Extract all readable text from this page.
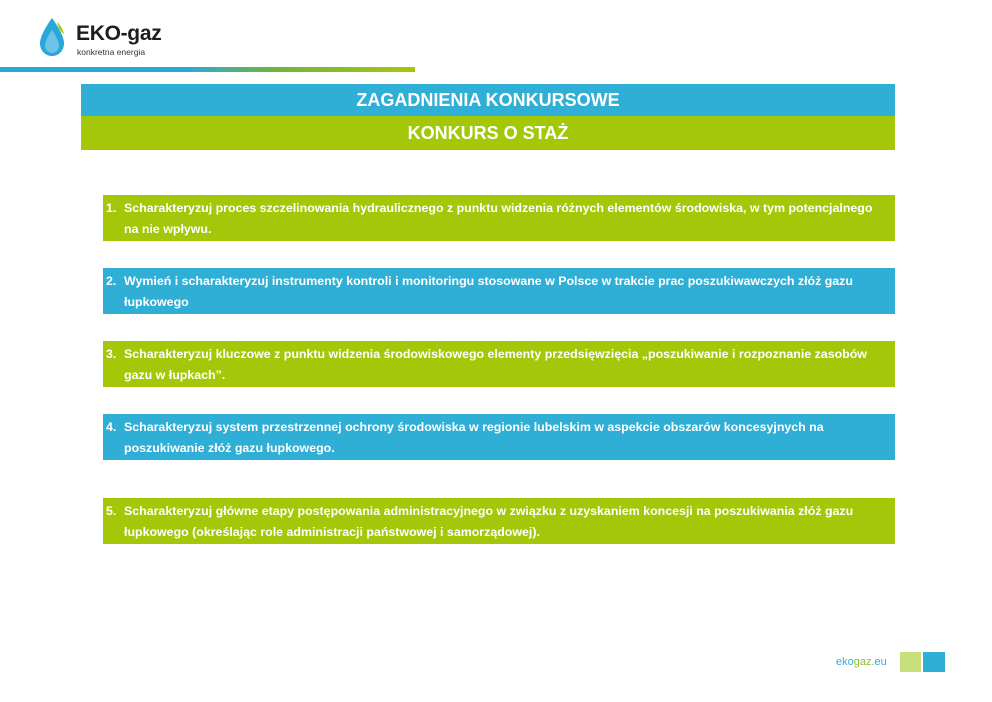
EKO-gaz
konkretna energia
ZAGADNIENIA KONKURSOWE
KONKURS O STAŻ
1. Scharakteryzuj proces szczelinowania hydraulicznego z punktu widzenia różnych elementów środowiska, w tym potencjalnego na nie wpływu.
2. Wymień i scharakteryzuj instrumenty kontroli i monitoringu stosowane w Polsce w trakcie prac poszukiwawczych złóż gazu łupkowego
3. Scharakteryzuj kluczowe z punktu widzenia środowiskowego elementy przedsięwzięcia „poszukiwanie i rozpoznanie zasobów gazu w łupkach”.
4. Scharakteryzuj system przestrzennej ochrony środowiska w regionie lubelskim w aspekcie obszarów koncesyjnych na poszukiwanie złóż gazu łupkowego.
5. Scharakteryzuj główne etapy postępowania administracyjnego w związku z uzyskaniem koncesji na poszukiwania złóż gazu łupkowego (określając role administracji państwowej i samorządowej).
ekogaz.eu
